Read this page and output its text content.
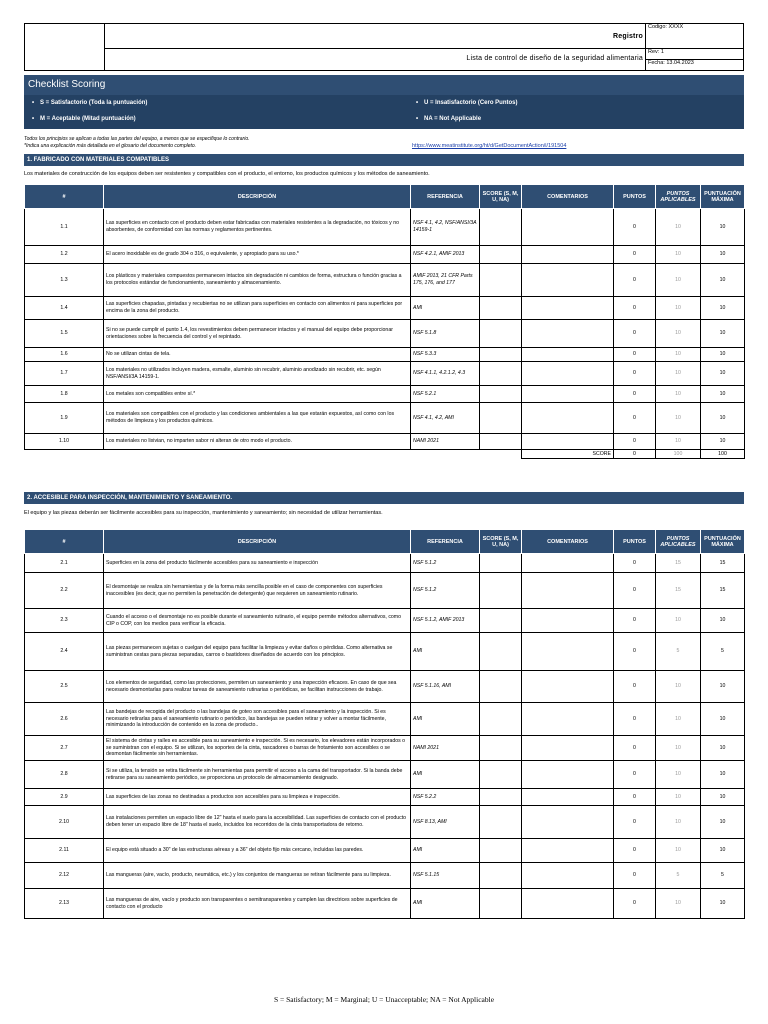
Registro
Lista de control de diseño de la seguridad alimentaria
Codigo: XXXX
Rev: 1
Fecha: 13.04.2023
Checklist Scoring
• S = Satisfactorio (Toda la puntuación)
• M = Aceptable (Mitad puntuación)
• U = Insatisfactorio (Cero Puntos)
• NA = Not Applicable
Todos los principios se aplican a todas las partes del equipo, a menos que se especifique lo contrario.
*Indica una explicación más detallada en el glosario del documento completo.	https://www.meatinstitute.org/ht/d/GetDocumentAction/i/191504
1. FABRICADO CON MATERIALES COMPATIBLES
Los materiales de construcción de los equipos deben ser resistentes y compatibles con el producto, el entorno, los productos químicos y los métodos de saneamiento.
#	DESCRIPCIÓN	REFERENCIA	SCORE (S, M, U, NA)	COMENTARIOS	PUNTOS	PUNTOS APLICABLES	PUNTUACIÓN MÁXIMA
1.1	Las superficies en contacto con el producto deben estar fabricadas con materiales resistentes a la degradación, no tóxicos y no absorbentes, de conformidad con las normas y reglamentos pertinentes.	NSF 4.1, 4.2, NSF/ANSI/3A 14159-1			0	10	10
1.2	El acero inoxidable es de grado 304 o 316, o equivalente, y apropiado para su uso.*	NSF 4.2.1, AMIF 2013			0	10	10
1.3	Los plásticos y materiales compuestos permanecen intactos sin degradación ni cambios de forma, estructura o función gracias a los protocolos estándar de funcionamiento, saneamiento y almacenamiento.	AMIF 2013, 21 CFR Parts 175, 176, and 177			0	10	10
1.4	Las superficies chapadas, pintadas y recubiertas no se utilizan para superficies en contacto con alimentos ni para superficies por encima de la zona del producto.	AMI			0	10	10
1.5	Si no se puede cumplir el punto 1.4, los revestimientos deben permanecer intactos y el manual del equipo debe proporcionar orientaciones sobre la frecuencia del control y el repintado.	NSF 5.1.8			0	10	10
1.6	No se utilizan cintas de tela.	NSF 5.3.3			0	10	10
1.7	Los materiales no utilizados incluyen madera, esmalte, aluminio sin recubrir, aluminio anodizado sin recubrir, etc. según NSF/ANSI/3A 14159-1.	NSF 4.1.1, 4.2.1.2, 4.3			0	10	10
1.8	Los metales son compatibles entre sí.*	NSF 5.2.1			0	10	10
1.9	Los materiales son compatibles con el producto y las condiciones ambientales a las que estarán expuestos, así como con los métodos de limpieza y los productos químicos.	NSF 4.1, 4.2, AMI			0	10	10
1.10	Los materiales no lixivian, no imparten sabor ni alteran de otro modo el producto.	NAMI 2021			0	10	10
				SCORE	0	100	100
2. ACCESIBLE PARA INSPECCIÓN, MANTENIMIENTO Y SANEAMIENTO.
El equipo y las piezas deberán ser fácilmente accesibles para su inspección, mantenimiento y saneamiento; sin necesidad de utilizar herramientas.
#	DESCRIPCIÓN	REFERENCIA	SCORE (S, M, U, NA)	COMENTARIOS	PUNTOS	PUNTOS APLICABLES	PUNTUACIÓN MÁXIMA
2.1	Superficies en la zona del producto fácilmente accesibles para su saneamiento e inspección	NSF 5.1.2			0	15	15
2.2	El desmontaje se realiza sin herramientas y de la forma más sencilla posible en el caso de componentes con superficies inaccesibles (es decir, que no permiten la penetración de detergente) que requieren un saneamiento rutinario.	NSF 5.1.2			0	15	15
2.3	Cuando el acceso o el desmontaje no es posible durante el saneamiento rutinario, el equipo permite métodos alternativos, como CIP o COP, con los medios para verificar la eficacia.	NSF 5.1.2, AMIF 2013			0	10	10
2.4	Las piezas permanecen sujetas o cuelgan del equipo para facilitar la limpieza y evitar daños o pérdidas. Como alternativa se suministran cestas para piezas separadas, carros o bastidores diseñados de acuerdo con los principios.	AMI			0	5	5
2.5	Los elementos de seguridad, como las protecciones, permiten un saneamiento y una inspección eficaces. En caso de que sea necesario desmontarlas para realizar tareas de saneamiento rutinarias o periódicas, se facilitan instrucciones de trabajo.	NSF 5.1.16, AMI			0	10	10
2.6	Las bandejas de recogida del producto o las bandejas de goteo son accesibles para el saneamiento y la inspección. Si es necesario retirarlas para el saneamiento rutinario o periódico, las bandejas se pueden retirar y volver a montar fácilmente, minimizando la introducción de contenido en la zona de producto..	AMI			0	10	10
2.7	El sistema de cintas y raíles es accesible para su saneamiento e inspección. Si es necesario, los elevadores están incorporados o se suministran con el equipo. Si se utilizan, los soportes de la cinta, rascadores o barras de frotamiento son accesibles o se desmontan fácilmente sin herramientas.	NAMI 2021			0	10	10
2.8	Si se utiliza, la tensión se retira fácilmente sin herramientas para permitir el acceso a la cama del transportador. Si la banda debe retirarse para su saneamiento periódico, se proporciona un protocolo de almacenamiento designado.	AMI			0	10	10
2.9	Las superficies de las zonas no destinadas a productos son accesibles para su limpieza e inspección.	NSF 5.2.2			0	10	10
2.10	Las instalaciones permiten un espacio libre de 12" hasta el suelo para la accesibilidad. Las superficies de contacto con el producto deben tener un espacio libre de 18" hasta el suelo, incluidos los recorridos de la cinta transportadora de retorno.	NSF 8.13, AMI			0	10	10
2.11	El equipo está situado a 30" de las estructuras aéreas y a 36" del objeto fijo más cercano, incluidas las paredes.	AMI			0	10	10
2.12	Las mangueras (aire, vacío, producto, neumática, etc.) y los conjuntos de mangueras se retiran fácilmente para su limpieza.	NSF 5.1.15			0	5	5
2.13	Las mangueras de aire, vacío y producto son transparentes o semitransparentes y cumplen las directrices sobre superficies de contacto con el producto	AMI			0	10	10
S = Satisfactory; M = Marginal; U = Unacceptable; NA = Not Applicable
